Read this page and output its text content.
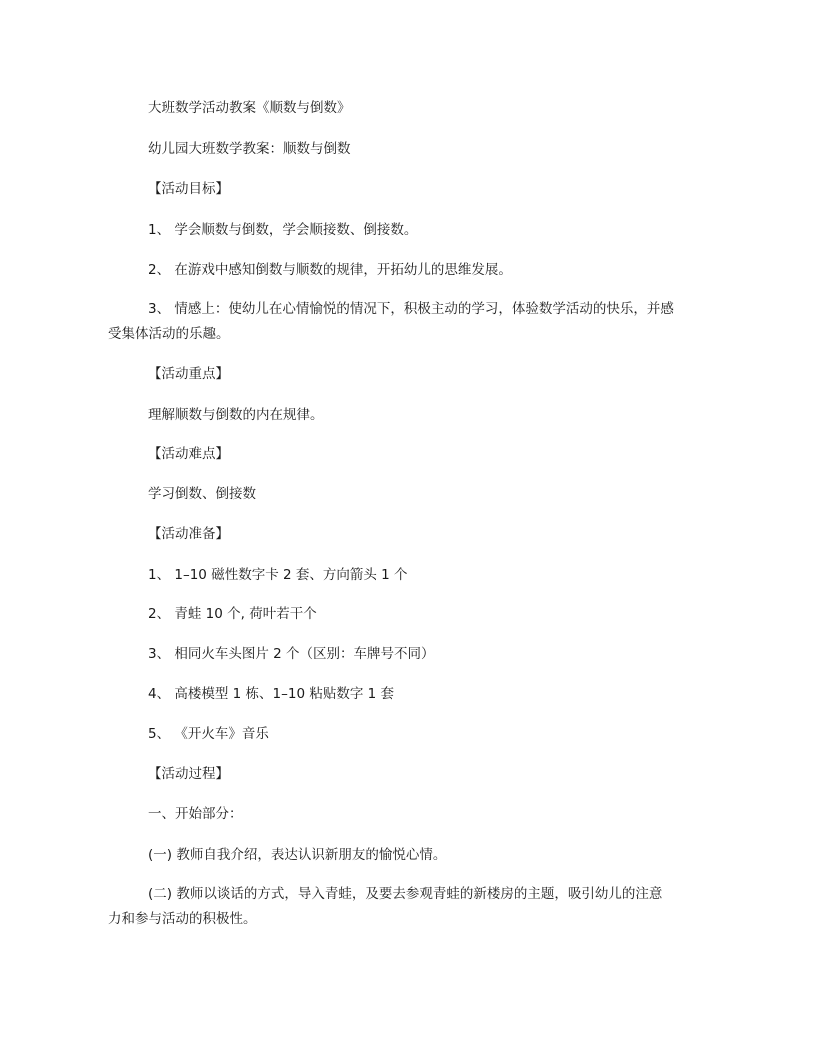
大班数学活动教案《顺数与倒数》
幼儿园大班数学教案：顺数与倒数
【活动目标】
1、 学会顺数与倒数，学会顺接数、倒接数。
2、 在游戏中感知倒数与顺数的规律，开拓幼儿的思维发展。
3、 情感上：使幼儿在心情愉悦的情况下，积极主动的学习，体验数学活动的快乐，并感
受集体活动的乐趣。
【活动重点】
理解顺数与倒数的内在规律。
【活动难点】
学习倒数、倒接数
【活动准备】
1、 1–10 磁性数字卡 2 套、方向箭头 1 个
2、 青蛙 10 个, 荷叶若干个
3、 相同火车头图片 2 个（区别：车牌号不同）
4、 高楼模型 1 栋、1–10 粘贴数字 1 套
5、 《开火车》音乐
【活动过程】
一、开始部分：
(一) 教师自我介绍，表达认识新朋友的愉悦心情。
(二) 教师以谈话的方式，导入青蛙，及要去参观青蛙的新楼房的主题，吸引幼儿的注意
力和参与活动的积极性。
